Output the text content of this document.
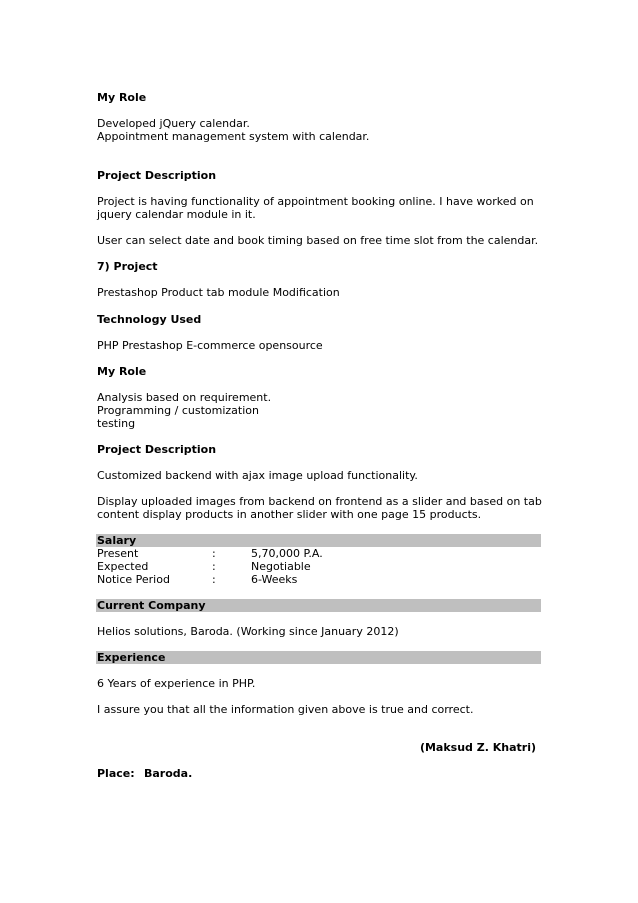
My Role
Developed jQuery calendar.
Appointment management system with calendar.
Project Description
Project is having functionality of appointment booking online. I have worked on
jquery calendar module in it.
User can select date and book timing based on free time slot from the calendar.
7) Project
Prestashop Product tab module Modification
Technology Used
PHP Prestashop E-commerce opensource
My Role
Analysis based on requirement.
Programming / customization
testing
Project Description
Customized backend with ajax image upload functionality.
Display uploaded images from backend on frontend as a slider and based on tab
content display products in another slider with one page 15 products.
Salary
Present	:	5,70,000 P.A.
Expected	:	Negotiable
Notice Period	:	6-Weeks
Current Company
Helios solutions, Baroda. (Working since January 2012)
Experience
6 Years of experience in PHP.
I assure you that all the information given above is true and correct.
(Maksud Z. Khatri)
Place: Baroda.
